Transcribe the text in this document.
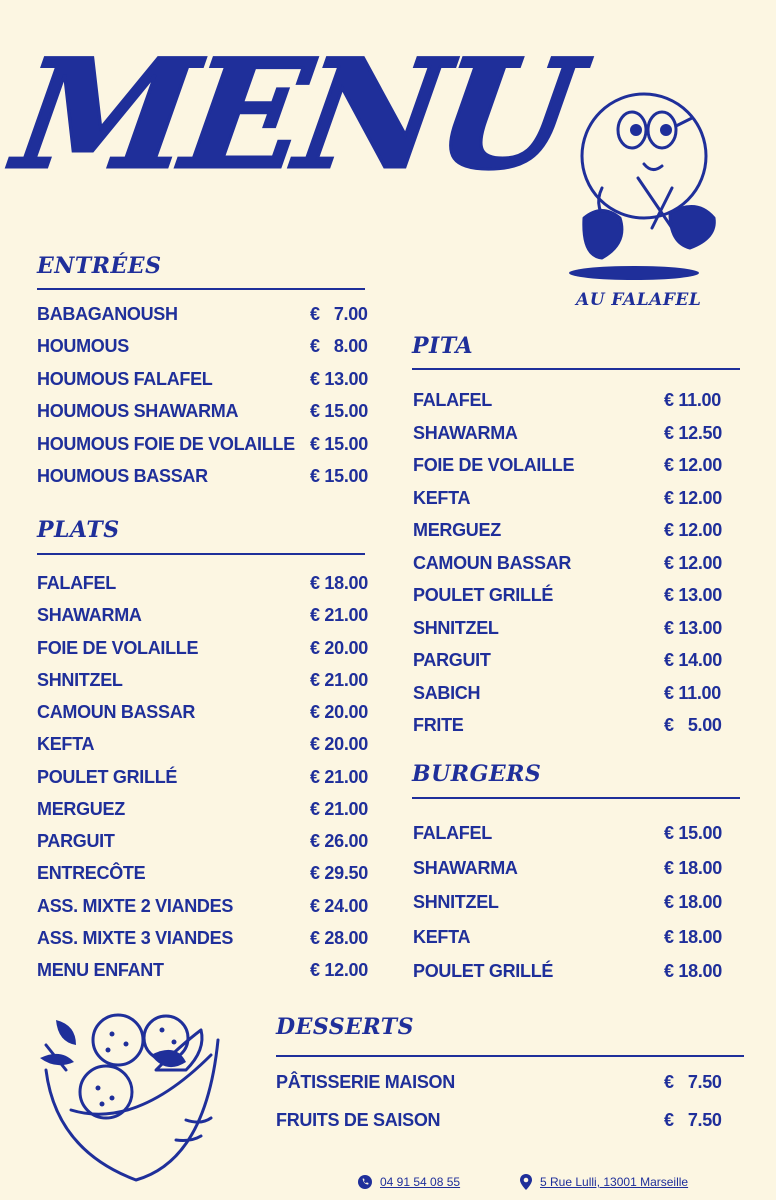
MENU
AU FALAFEL
ENTRÉES
BABAGANOUSH	€   7.00
HOUMOUS	€   8.00
HOUMOUS FALAFEL	€ 13.00
HOUMOUS SHAWARMA	€ 15.00
HOUMOUS FOIE DE VOLAILLE € 15.00
HOUMOUS BASSAR	€ 15.00
PLATS
FALAFEL	€ 18.00
SHAWARMA	€ 21.00
FOIE DE VOLAILLE	€ 20.00
SHNITZEL	€ 21.00
CAMOUN BASSAR	€ 20.00
KEFTA	€ 20.00
POULET GRILLÉ	€ 21.00
MERGUEZ	€ 21.00
PARGUIT	€ 26.00
ENTRECÔTE	€ 29.50
ASS. MIXTE 2 VIANDES	€ 24.00
ASS. MIXTE 3 VIANDES	€ 28.00
MENU ENFANT	€ 12.00
PITA
FALAFEL	€ 11.00
SHAWARMA	€ 12.50
FOIE DE VOLAILLE	€ 12.00
KEFTA	€ 12.00
MERGUEZ	€ 12.00
CAMOUN BASSAR	€ 12.00
POULET GRILLÉ	€ 13.00
SHNITZEL	€ 13.00
PARGUIT	€ 14.00
SABICH	€ 11.00
FRITE	€   5.00
BURGERS
FALAFEL	€ 15.00
SHAWARMA	€ 18.00
SHNITZEL	€ 18.00
KEFTA	€ 18.00
POULET GRILLÉ	€ 18.00
DESSERTS
PÂTISSERIE MAISON	€   7.50
FRUITS DE SAISON	€   7.50
04 91 54 08 55	5 Rue Lulli, 13001 Marseille
